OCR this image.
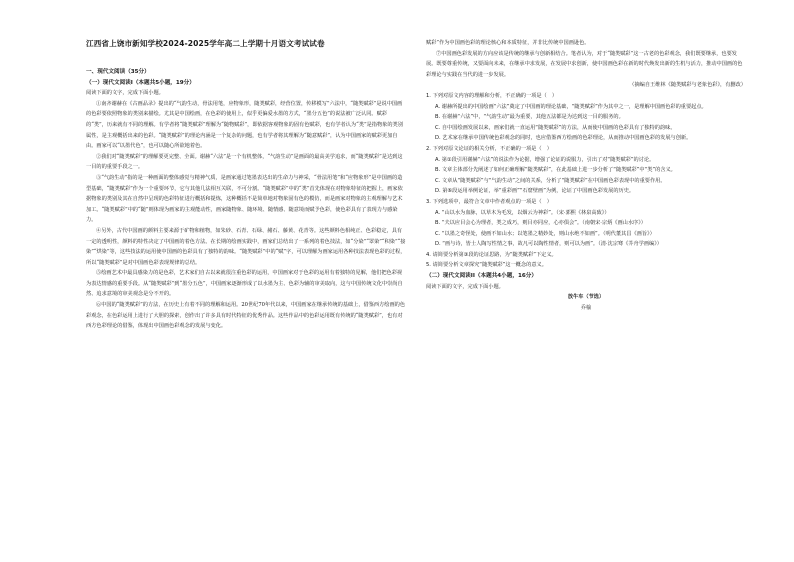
江西省上饶市新知学校2024-2025学年高二上学期十月语文考试试卷

一、现代文阅读（35分）

（一）现代文阅读I（本题共5小题，19分）

阅读下面的文字，完成下面小题。

①南齐谢赫在《古画品录》提出的“气韵生动，骨法用笔，应物象形，随类赋彩，经营位置，传移模写”六法中，“随类赋彩”是说中国画的色彩要依照物象的类别来描绘。尤其是中国绘画，在色彩的使用上，似乎更偏爱水墨的方式，“墨分五色”的说法被广泛认同。赋彩的“类”，历来就有不同的理解。有学者将“随类赋彩”理解为“随物赋彩”，即依据客观物象的固有色赋彩，也有学者认为“类”是指物象的类别属性，是主观概括出来的色彩。“随类赋彩”的理论内涵是一个复杂的问题，也有学者将其理解为“随意赋彩”，认为中国画家的赋彩更加自由。画家可以“以墨代色”，也可以随心所欲地着色。

②我们对“随类赋彩”的理解要更完整、全面。谢赫“六法”是一个有机整体，“气韵生动”是画面的最高美学追求，而“随类赋彩”是达到这一目的的重要手段之一。

③“气韵生动”指的是一种画面的整体感觉与精神气质，是画家通过笔墨表达出的生命力与神采，“骨法用笔”和“应物象形”是中国画的造型基础，“随类赋彩”作为一个重要环节，它与其他几法相互关联，不可分割。“随类赋彩”中的“类”首先体现在对物象特征的把握上，画家依据物象的类别及其在自然中呈现的色彩特征进行概括和提炼，这种概括不是简单地对物象固有色的模仿，而是画家对物象的主观理解与艺术加工。“随类赋彩”中的“随”则体现为画家的主观能动性，画家随物象、随环境、随情感、随意境而赋予色彩，使色彩具有了表现力与感染力。

④另外，古代中国画的颜料主要来源于矿物和植物，如朱砂、石青、石绿、赭石、藤黄、花青等。这些颜料色相纯正、色彩稳定，具有一定的透明性，颜料的特性决定了中国画的着色方法。在长期的绘画实践中，画家们总结出了一系列的着色技法，如“分染”“罩染”“积染”“接染”“烘染”等，这些技法的运用使中国画的色彩具有了独特的韵味。“随类赋彩”中的“赋”字，可以理解为画家运用各种技法表现色彩的过程，所以“随类赋彩”是对中国画色彩表现规律的总结。

⑤绘画艺术中最具感染力的是色彩，艺术家们自古以来就很注重色彩的运用，中国画家对于色彩的运用有着独特的见解，他们把色彩视为表达情感的重要手段。从“随类赋彩”到“墨分五色”，中国画家逐渐形成了以水墨为主、色彩为辅的审美取向，这与中国传统文化中崇尚自然、追求意境的审美观念是分不开的。

⑥中国的“随类赋彩”的方法，在历史上有着不同的理解和运用。20世纪70年代以来，中国画家在继承传统的基础上，借鉴西方绘画的色彩观念，在色彩运用上进行了大胆的探索，创作出了许多具有时代特征的优秀作品。这些作品中的色彩运用既有传统的“随类赋彩”，也有对西方色彩理论的借鉴，体现出中国画色彩观念的发展与变化。

赋彩”作为中国画色彩的理论核心和本质特征，并非比传统中国画逊色。

⑦中国画色彩发展的方向应该是传统的继承与创新相结合。笔者认为，对于“随类赋彩”这一古老的色彩观念，我们既要继承，也要发展。既要尊重传统，又要面向未来，在继承中求发展，在发展中求创新，使中国画色彩在新的时代焕发出新的生机与活力，推动中国画的色彩理论与实践在当代的进一步发展。

（摘编自王维林《随类赋彩与老象色彩》，有删改）

1. 下列对原文内容的理解和分析，不正确的一项是（　）

A. 谢赫所提出的中国绘画“六法”奠定了中国画的理论基础，“随类赋彩”作为其中之一，是理解中国画色彩的重要起点。

B. 在谢赫“六法”中，“气韵生动”最为重要，其他五法都是为达到这一目的服务的。

C. 自中国绘画发展以来，画家们就一直运用“随类赋彩”的方法，从而使中国画的色彩具有了独特的韵味。

D. 艺术家在继承中国传统色彩观念的同时，也应借鉴西方绘画的色彩理论，从而推动中国画色彩的发展与创新。

2. 下列对原文论证的相关分析，不正确的一项是（　）

A. 第①段引用谢赫“六法”的说法作为论据，增强了论证的说服力，引出了对“随类赋彩”的讨论。

B. 文章主体部分先阐述了如何正确理解“随类赋彩”，在此基础上进一步分析了“随类赋彩”中“类”的含义。

C. 文章从“随类赋彩”与“气韵生动”之间的关系，分析了“随类赋彩”在中国画色彩表现中的重要作用。

D. 第⑥段运用举例论证，举“重彩画”“石窟壁画”为例，论证了中国画色彩发展的历史。

3. 下列选项中，最符合文章中作者观点的一项是（　）

A. “山以水为血脉，以草木为毛发，以烟云为神彩”。（宋·郭熙《林泉高致》）

B. “夫以应目会心为理者，类之成巧，则目亦同应，心亦俱会”。（南朝宋·宗炳《画山水序》）

C. “以墨之奇怪处，使画不如山水；以笔墨之精妙处，则山水绝不如画”。（明代董其昌《画旨》）

D. “画与诗，皆士人陶写性情之事，故凡可以陶性情者，则可以为画”。（清·沈宗骞《芥舟学画编》）

4. 请简要分析第③段的论证思路，为“随类赋彩”下定义。

5. 请简要分析文章探究“随类赋彩”这一概念的意义。

（二）现代文阅读II（本题共4小题，16分）

阅读下面的文字，完成下面小题。

放牛车（节选）

乔榆
